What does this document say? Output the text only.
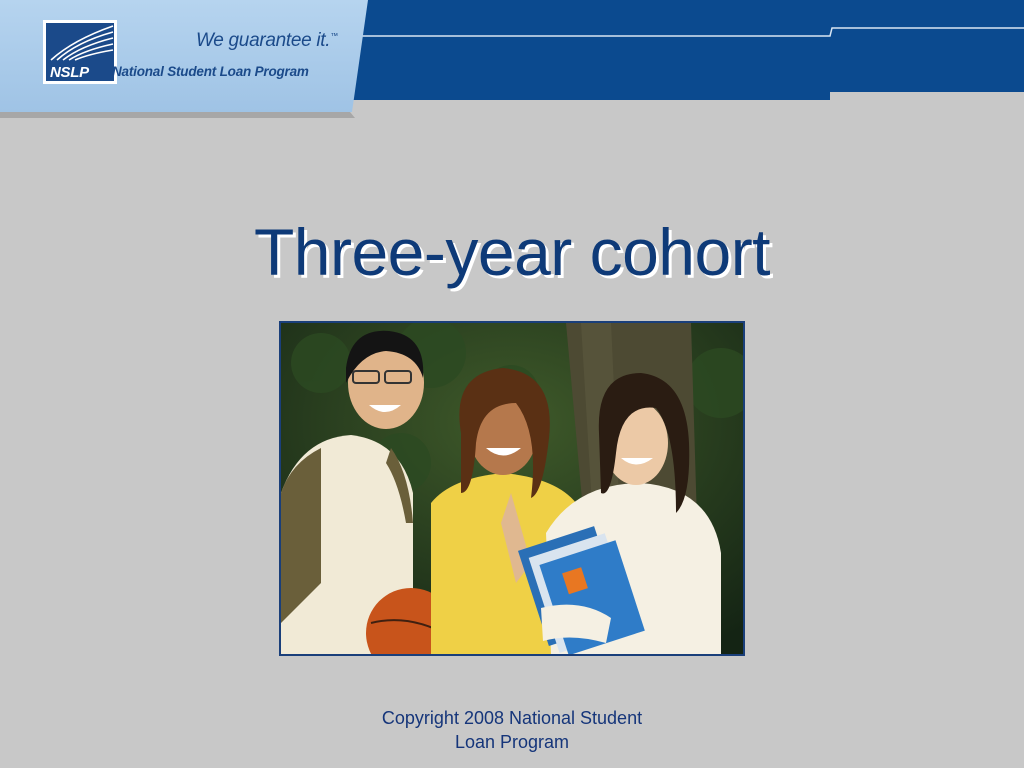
NSLP
We guarantee it.™
National Student Loan Program
Three-year cohort
Copyright 2008 National Student
Loan Program
